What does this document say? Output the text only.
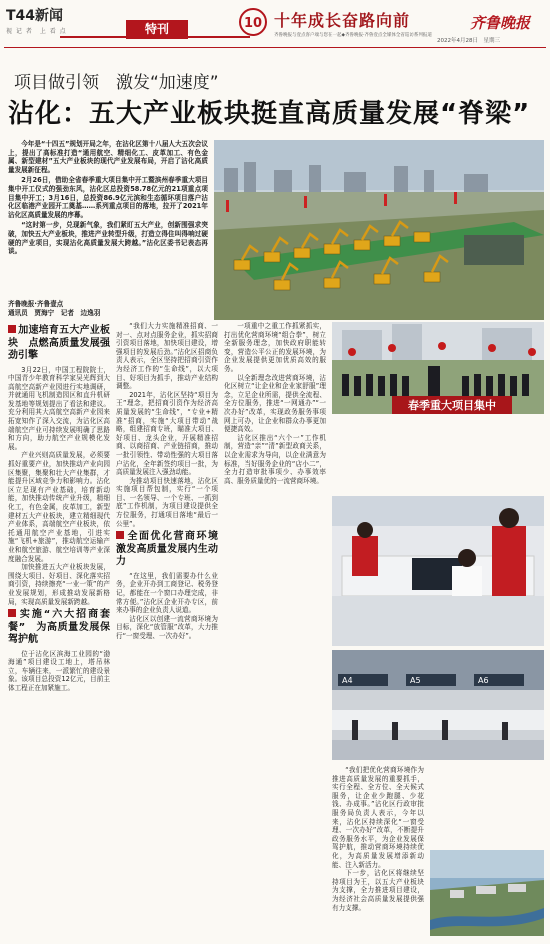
T44新闻
视 记 者　上 看 点	特刊	10 十年成长奋路向前
齐鲁晚报与壹点客户端与您在一起◆齐鲁晚报·齐鲁壹点全媒体全省巡访系列报道
齐鲁晚报
2022年4月28日　星期三
项目做引领　激发“加速度”
沾化：五大产业板块挺直高质量发展“脊梁”

今年是“十四五”规划开局之年，在沾化区第十八届人大五次会议上，提出了高标准打造“通用航空、精细化工、皮革加工、有色金属、新型建材”五大产业板块的现代产业发展布局，开启了沾化高质量发展新征程。

2月26日，借助全省春季重大项目集中开工暨滨州春季重大项目集中开工仪式的强劲东风，沾化区总投资58.78亿元的21项重点项目集中开工；3月16日，总投资86.9亿元滨和生态循环项目落户沾化区临港产业园开工奠基……系列重点项目的落地，拉开了2021年沾化区高质量发展的序幕。

“这时第一步，兑现新气象，我们紧盯五大产业，创新围强求突破，加快五大产业板块，推进产业转型升级，打造立得住叫得响过硬硬的产业项目，实现沾化高质量发展大跨越。”沾化区委书记表态再谈。

齐鲁晚报·齐鲁壹点
通讯员　贾海宁　记者　边逸羽
加速培育五大产业板块　点燃高质量发展强劲引擎

3月22日，中国工程院院士，中国青少年教育科学家吴光辉到大高航空高新产业园进行实地调研，并就通用飞机制造园区和直升机研发基地等规划提出了看法和建议。充分利用其大高航空高新产业园来拓宽知作了深入交流，为沾化区高端航空产业可持续发展明确了思路和方向，助力航空产业规模化发展。

产业兴则高质量发展，必须要抓好重要产业，加快推动产业向园区集聚，集聚和壮大产业集群，才能提升区域竞争力和影响力。沾化区立足现有产业基础，培育新动能，加快推动传统产业升级，精细化工，有色金属，皮革加工，新型建材五大产业板块，建立精细现代产业体系，高端航空产业板块，依托通用航空产业基地，引进实施“飞机+旅游”，推动航空运输产业和航空旅游、航空培训等产业深度融合发展。

加快推进五大产业板块发展，围绕大项目、好项目、深化落实招商引资，持续擦亮“一业一策”的产业发展规划，形成推动发展新格局，实现高质量发展新跨越。

实施“六大招商套餐”　为高质量发展保驾护航

位于沾化区滨海工业园的“渤海通”项目建设工地上，塔吊林立，车辆往来，一派繁忙的建设景象。该项目总投资12亿元，目前主体工程正在加紧施工。

“我们大力实施精准招商、一对一、点对点服务企业，抓实招商引资项目落地，加快项目建设，增强项目的发展后劲。”沾化区招商负责人表示，全区坚持把招商引资作为经济工作的“生命线”，以大项目、好项目为抓手，推动产业结构调整。

2021年，沾化区坚持“项目为王”理念，把招商引资作为经济高质量发展的“生命线”，“专业+精准”招商，实施“大项目带动”战略，组建招商专班，瞄准大项目、好项目、龙头企业，开展精准招商、以商招商、产业链招商，推动一批引领性、带动性强的大项目落户沾化，全年新签约项目一批，为高质量发展注入强劲动能。

为推动项目快速落地，沾化区实施项目帮包制，实行“一个项目、一名领导、一个专班、一抓到底”工作机制，为项目建设提供全方位服务，打通项目落地“最后一公里”。

全面优化营商环境　激发高质量发展内生动力

“在这里，我们需要办什么业务，企业开办到工商登记、税务登记，都能在一个窗口办理完成，非常方便。”沾化区企业开办专区，前来办事的企业负责人说道。

沾化区以创建一流营商环境为目标，深化“放管服”改革，大力推行“一窗受理、一次办好”。

一项重中之重工作抓紧抓实，打出优化营商环境“组合拳”，树立全新服务理念，加快政府职能转变，营造公平公正的发展环境，为企业发展提供更加优质高效的服务。

以全新理念改进营商环境，沾化区树立“让企业和企业家舒服”理念，立足企业所需，提供全流程、全方位服务，推进“一网通办”“一次办好”改革，实现政务服务事项网上可办，让企业和群众办事更加便捷高效。

沾化区推出“六个一”工作机制，营造“亲”“清”新型政商关系，以企业需求为导向，以企业满意为标准，当好服务企业的“店小二”，全力打造审批事项少、办事效率高、服务质量优的一流营商环境。

春季重大项目集中
A4	A5	A6

“我们把优化营商环境作为推进高质量发展的重要抓手，实行全程、全方位、全天候式服务，让企业少跑腿、少花钱、办成事。”沾化区行政审批服务局负责人表示，今年以来，沾化区持续深化“一窗受理、一次办好”改革，不断提升政务服务水平，为企业发展保驾护航，推动营商环境持续优化，为高质量发展增添新动能、注入新活力。

下一步，沾化区将继续坚持项目为王，以五大产业板块为支撑，全力推进项目建设，为经济社会高质量发展提供强有力支撑。
